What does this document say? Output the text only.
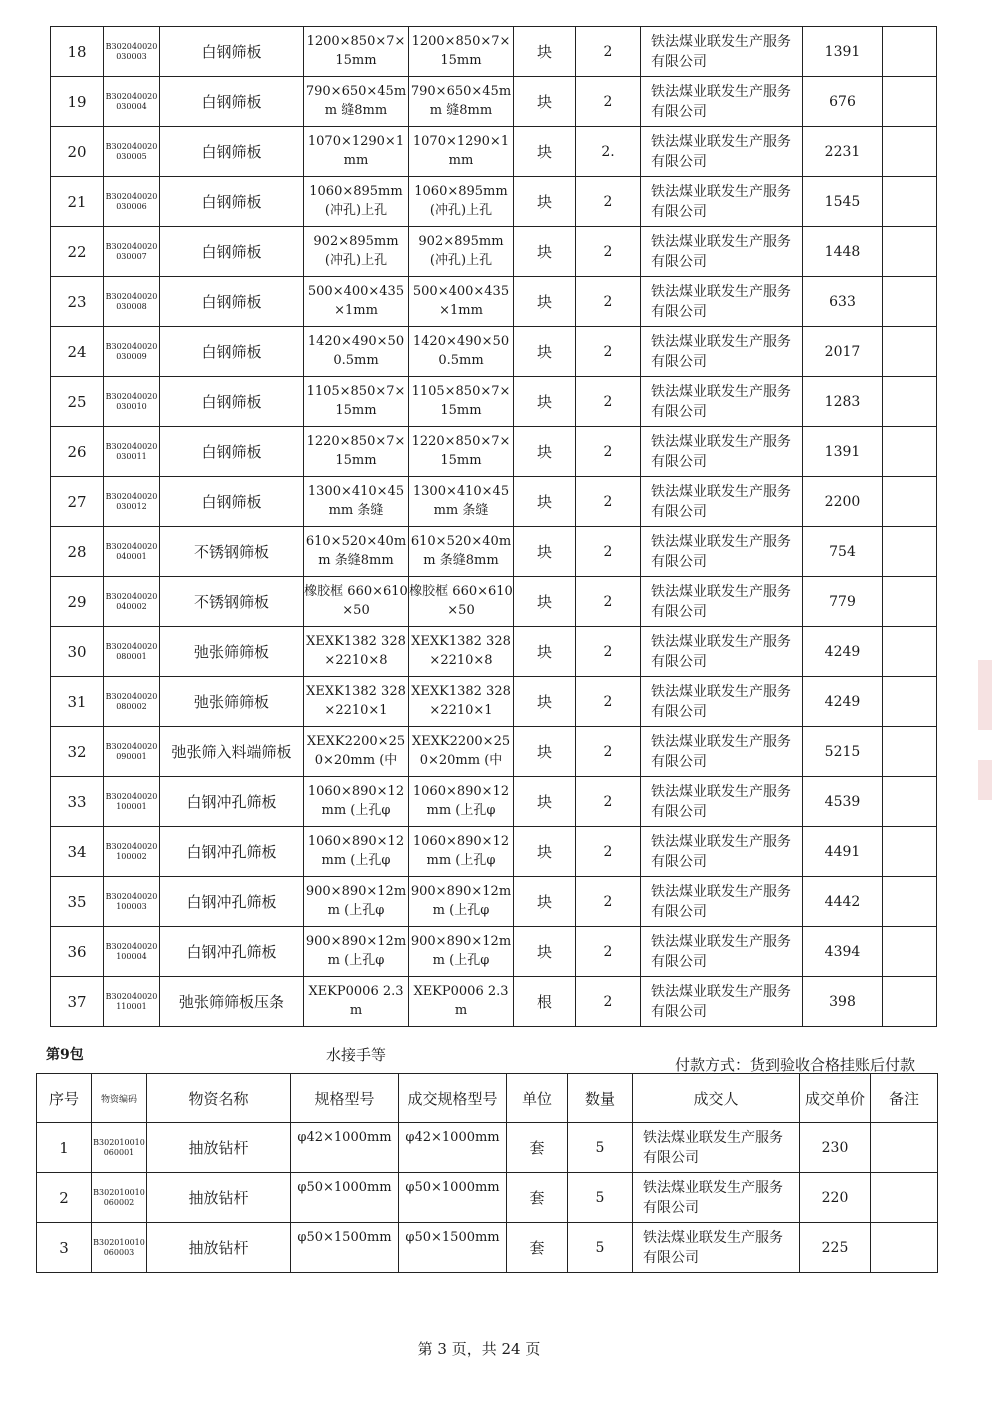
18	B302040020030003	白钢筛板	1200×850×7×15mm	1200×850×7×15mm	块	2	铁法煤业联发生产服务有限公司	1391	
19	B302040020030004	白钢筛板	790×650×45mm 缝8mm	790×650×45mm 缝8mm	块	2	铁法煤业联发生产服务有限公司	676	
20	B302040020030005	白钢筛板	1070×1290×1mm	1070×1290×1mm	块	2.	铁法煤业联发生产服务有限公司	2231	
21	B302040020030006	白钢筛板	1060×895mm (冲孔)上孔	1060×895mm (冲孔)上孔	块	2	铁法煤业联发生产服务有限公司	1545	
22	B302040020030007	白钢筛板	902×895mm (冲孔)上孔	902×895mm (冲孔)上孔	块	2	铁法煤业联发生产服务有限公司	1448	
23	B302040020030008	白钢筛板	500×400×435×1mm	500×400×435×1mm	块	2	铁法煤业联发生产服务有限公司	633	
24	B302040020030009	白钢筛板	1420×490×50 0.5mm	1420×490×50 0.5mm	块	2	铁法煤业联发生产服务有限公司	2017	
25	B302040020030010	白钢筛板	1105×850×7×15mm	1105×850×7×15mm	块	2	铁法煤业联发生产服务有限公司	1283	
26	B302040020030011	白钢筛板	1220×850×7×15mm	1220×850×7×15mm	块	2	铁法煤业联发生产服务有限公司	1391	
27	B302040020030012	白钢筛板	1300×410×45mm 条缝	1300×410×45mm 条缝	块	2	铁法煤业联发生产服务有限公司	2200	
28	B302040020040001	不锈钢筛板	610×520×40mm 条缝8mm	610×520×40mm 条缝8mm	块	2	铁法煤业联发生产服务有限公司	754	
29	B302040020040002	不锈钢筛板	橡胶框 660×610×50	橡胶框 660×610×50	块	2	铁法煤业联发生产服务有限公司	779	
30	B302040020080001	弛张筛筛板	XEXK1382 328×2210×8	XEXK1382 328×2210×8	块	2	铁法煤业联发生产服务有限公司	4249	
31	B302040020080002	弛张筛筛板	XEXK1382 328×2210×1	XEXK1382 328×2210×1	块	2	铁法煤业联发生产服务有限公司	4249	
32	B302040020090001	弛张筛入料端筛板	XEXK2200×250×20mm (中	XEXK2200×250×20mm (中	块	2	铁法煤业联发生产服务有限公司	5215	
33	B302040020100001	白钢冲孔筛板	1060×890×12mm (上孔φ	1060×890×12mm (上孔φ	块	2	铁法煤业联发生产服务有限公司	4539	
34	B302040020100002	白钢冲孔筛板	1060×890×12mm (上孔φ	1060×890×12mm (上孔φ	块	2	铁法煤业联发生产服务有限公司	4491	
35	B302040020100003	白钢冲孔筛板	900×890×12mm (上孔φ	900×890×12mm (上孔φ	块	2	铁法煤业联发生产服务有限公司	4442	
36	B302040020100004	白钢冲孔筛板	900×890×12mm (上孔φ	900×890×12mm (上孔φ	块	2	铁法煤业联发生产服务有限公司	4394	
37	B302040020110001	弛张筛筛板压条	XEKP0006 2.3m	XEKP0006 2.3m	根	2	铁法煤业联发生产服务有限公司	398	
第9包	水接手等
付款方式：货到验收合格挂账后付款
序号	物资编码	物资名称	规格型号	成交规格型号	单位	数量	成交人	成交单价	备注
1	B302010010060001	抽放钻杆	φ42×1000mm	φ42×1000mm	套	5	铁法煤业联发生产服务有限公司	230	
2	B302010010060002	抽放钻杆	φ50×1000mm	φ50×1000mm	套	5	铁法煤业联发生产服务有限公司	220	
3	B302010010060003	抽放钻杆	φ50×1500mm	φ50×1500mm	套	5	铁法煤业联发生产服务有限公司	225	
第 3 页，共 24 页
